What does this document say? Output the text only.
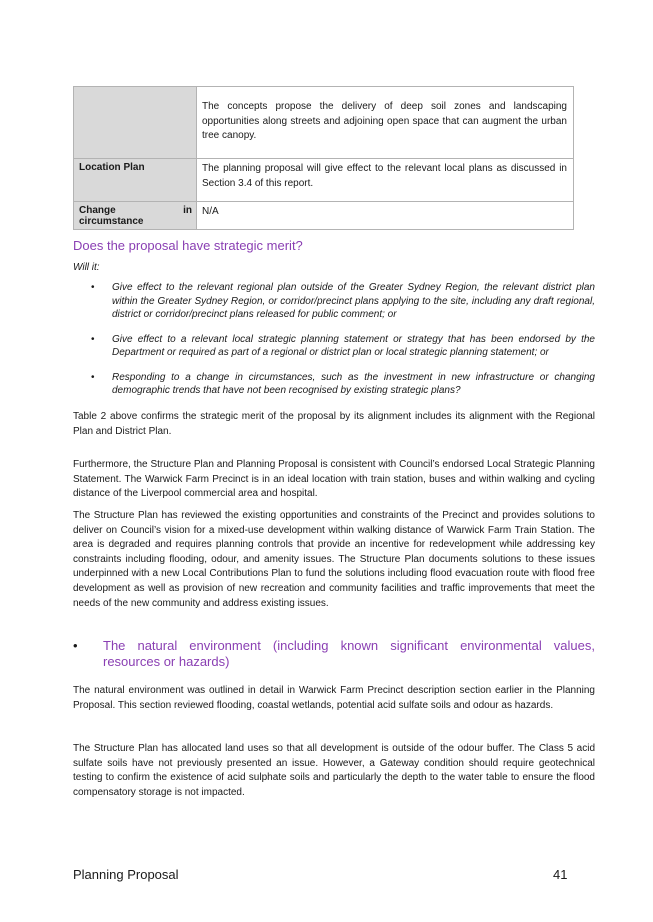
	The concepts propose the delivery of deep soil zones and landscaping opportunities along streets and adjoining open space that can augment the urban tree canopy.
Location Plan	The planning proposal will give effect to the relevant local plans as discussed in Section 3.4 of this report.

Change in
circumstance	N/A
Does the proposal have strategic merit?
Will it:
• Give effect to the relevant regional plan outside of the Greater Sydney Region, the relevant district plan within the Greater Sydney Region, or corridor/precinct plans applying to the site, including any draft regional, district or corridor/precinct plans released for public comment; or
• Give effect to a relevant local strategic planning statement or strategy that has been endorsed by the Department or required as part of a regional or district plan or local strategic planning statement; or
• Responding to a change in circumstances, such as the investment in new infrastructure or changing demographic trends that have not been recognised by existing strategic plans?

Table 2 above confirms the strategic merit of the proposal by its alignment includes its alignment with the Regional Plan and District Plan.

Furthermore, the Structure Plan and Planning Proposal is consistent with Council’s endorsed Local Strategic Planning Statement. The Warwick Farm Precinct is in an ideal location with train station, buses and within walking and cycling distance of the Liverpool commercial area and hospital.

The Structure Plan has reviewed the existing opportunities and constraints of the Precinct and provides solutions to deliver on Council’s vision for a mixed-use development within walking distance of Warwick Farm Train Station. The area is degraded and requires planning controls that provide an incentive for redevelopment while addressing key constraints including flooding, odour, and amenity issues. The Structure Plan documents solutions to these issues underpinned with a new Local Contributions Plan to fund the solutions including flood evacuation route with flood free development as well as provision of new recreation and community facilities and traffic improvements that meet the needs of the new community and address existing issues.

•	The natural environment (including known significant environmental values, resources or hazards)

The natural environment was outlined in detail in Warwick Farm Precinct description section earlier in the Planning Proposal. This section reviewed flooding, coastal wetlands, potential acid sulfate soils and odour as hazards.

The Structure Plan has allocated land uses so that all development is outside of the odour buffer. The Class 5 acid sulfate soils have not previously presented an issue. However, a Gateway condition should require geotechnical testing to confirm the existence of acid sulphate soils and particularly the depth to the water table to ensure the flood compensatory storage is not impacted.

Planning Proposal	41
